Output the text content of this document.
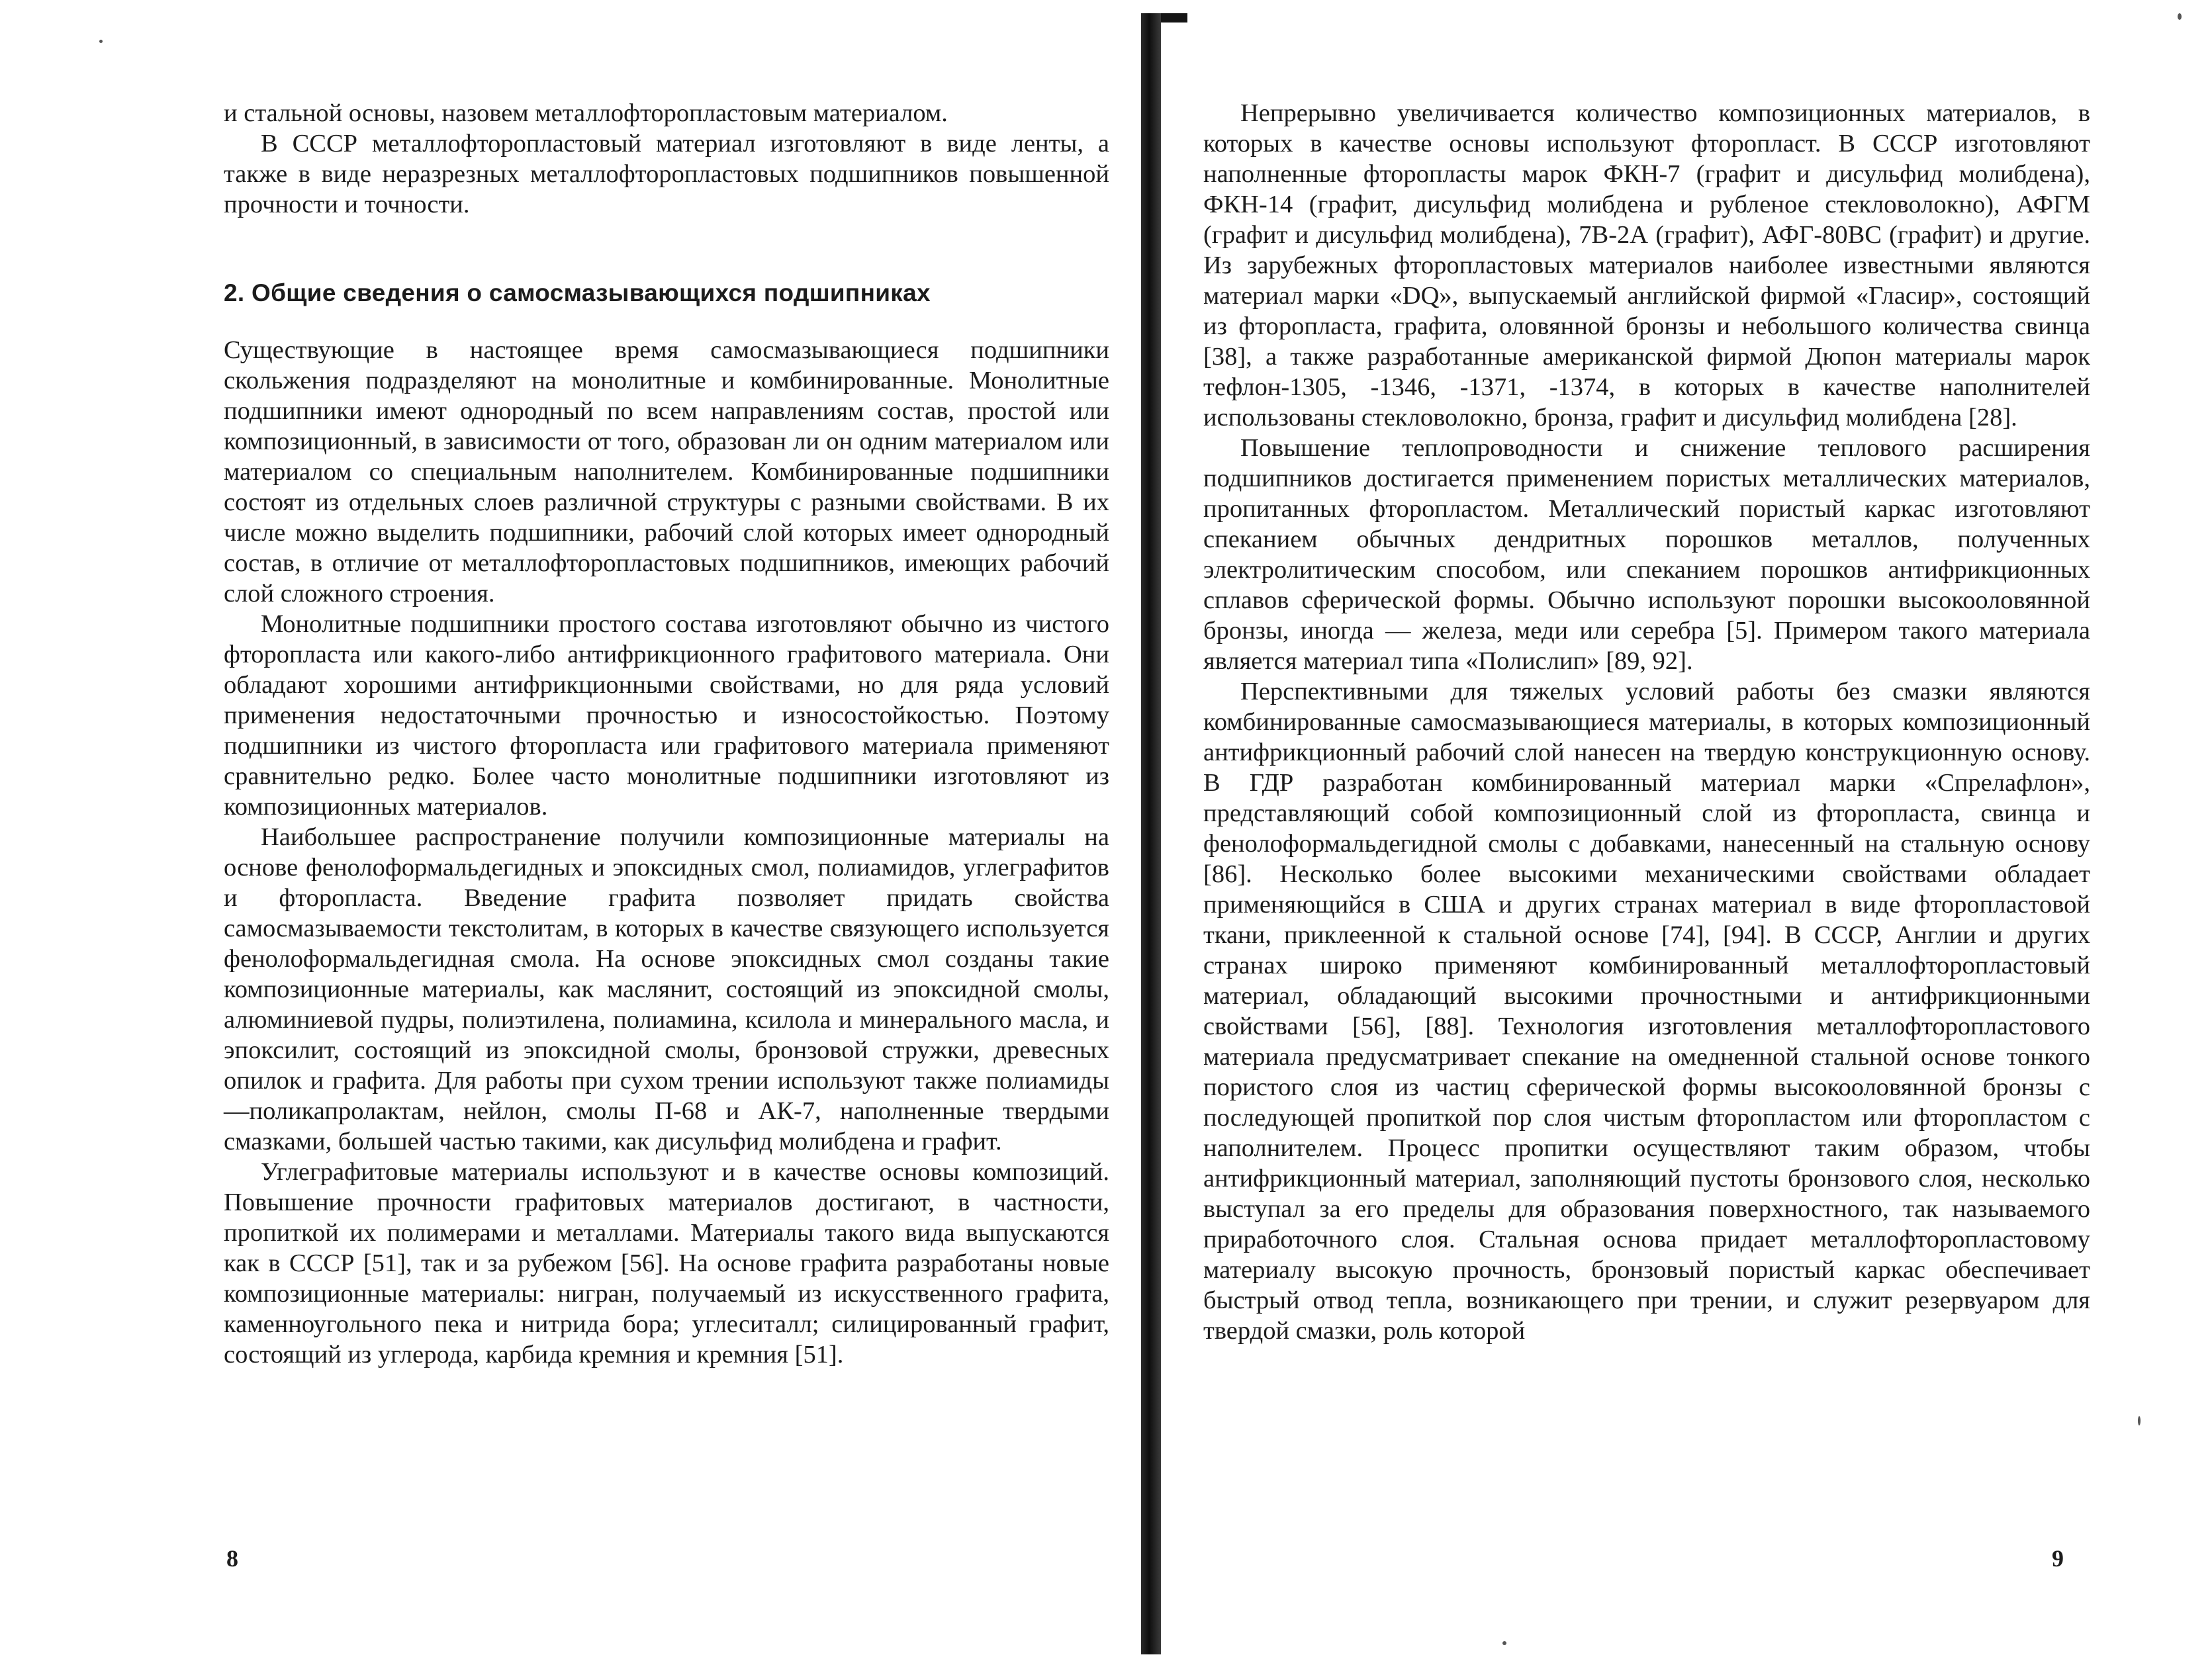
и стальной основы, назовем металлофторопластовым материалом.

В СССР металлофторопластовый материал изготовляют в виде ленты, а также в виде неразрезных металлофторопластовых подшипников повышенной прочности и точности.

2. Общие сведения о самосмазывающихся подшипниках

Существующие в настоящее время самосмазывающиеся подшипники скольжения подразделяют на монолитные и комбинированные. Монолитные подшипники имеют однородный по всем направлениям состав, простой или композиционный, в зависимости от того, образован ли он одним материалом или материалом со специальным наполнителем. Комбинированные подшипники состоят из отдельных слоев различной структуры с разными свойствами. В их числе можно выделить подшипники, рабочий слой которых имеет однородный состав, в отличие от металлофторопластовых подшипников, имеющих рабочий слой сложного строения.

Монолитные подшипники простого состава изготовляют обычно из чистого фторопласта или какого-либо антифрикционного графитового материала. Они обладают хорошими антифрикционными свойствами, но для ряда условий применения недостаточными прочностью и износостойкостью. Поэтому подшипники из чистого фторопласта или графитового материала применяют сравнительно редко. Более часто монолитные подшипники изготовляют из композиционных материалов.

Наибольшее распространение получили композиционные материалы на основе фенолоформальдегидных и эпоксидных смол, полиамидов, углеграфитов и фторопласта. Введение графита позволяет придать свойства самосмазываемости текстолитам, в которых в качестве связующего используется фенолоформальдегидная смола. На основе эпоксидных смол созданы такие композиционные материалы, как маслянит, состоящий из эпоксидной смолы, алюминиевой пудры, полиэтилена, полиамина, ксилола и минерального масла, и эпоксилит, состоящий из эпоксидной смолы, бронзовой стружки, древесных опилок и графита. Для работы при сухом трении используют также полиамиды—поликапролактам, нейлон, смолы П-68 и АК-7, наполненные твердыми смазками, большей частью такими, как дисульфид молибдена и графит.

Углеграфитовые материалы используют и в качестве основы композиций. Повышение прочности графитовых материалов достигают, в частности, пропиткой их полимерами и металлами. Материалы такого вида выпускаются как в СССР [51], так и за рубежом [56]. На основе графита разработаны новые композиционные материалы: нигран, получаемый из искусственного графита, каменноугольного пека и нитрида бора; углеситалл; силицированный графит, состоящий из углерода, карбида кремния и кремния [51].

8

Непрерывно увеличивается количество композиционных материалов, в которых в качестве основы используют фторопласт. В СССР изготовляют наполненные фторопласты марок ФКН-7 (графит и дисульфид молибдена), ФКН-14 (графит, дисульфид молибдена и рубленое стекловолокно), АФГМ (графит и дисульфид молибдена), 7В-2А (графит), АФГ-80ВС (графит) и другие. Из зарубежных фторопластовых материалов наиболее известными являются материал марки «DQ», выпускаемый английской фирмой «Гласир», состоящий из фторопласта, графита, оловянной бронзы и небольшого количества свинца [38], а также разработанные американской фирмой Дюпон материалы марок тефлон-1305, -1346, -1371, -1374, в которых в качестве наполнителей использованы стекловолокно, бронза, графит и дисульфид молибдена [28].

Повышение теплопроводности и снижение теплового расширения подшипников достигается применением пористых металлических материалов, пропитанных фторопластом. Металлический пористый каркас изготовляют спеканием обычных дендритных порошков металлов, полученных электролитическим способом, или спеканием порошков антифрикционных сплавов сферической формы. Обычно используют порошки высокооловянной бронзы, иногда — железа, меди или серебра [5]. Примером такого материала является материал типа «Полислип» [89, 92].

Перспективными для тяжелых условий работы без смазки являются комбинированные самосмазывающиеся материалы, в которых композиционный антифрикционный рабочий слой нанесен на твердую конструкционную основу. В ГДР разработан комбинированный материал марки «Спрелафлон», представляющий собой композиционный слой из фторопласта, свинца и фенолоформальдегидной смолы с добавками, нанесенный на стальную основу [86]. Несколько более высокими механическими свойствами обладает применяющийся в США и других странах материал в виде фторопластовой ткани, приклеенной к стальной основе [74], [94]. В СССР, Англии и других странах широко применяют комбинированный металлофторопластовый материал, обладающий высокими прочностными и антифрикционными свойствами [56], [88]. Технология изготовления металлофторопластового материала предусматривает спекание на омедненной стальной основе тонкого пористого слоя из частиц сферической формы высокооловянной бронзы с последующей пропиткой пор слоя чистым фторопластом или фторопластом с наполнителем. Процесс пропитки осуществляют таким образом, чтобы антифрикционный материал, заполняющий пустоты бронзового слоя, несколько выступал за его пределы для образования поверхностного, так называемого приработочного слоя. Стальная основа придает металлофторопластовому материалу высокую прочность, бронзовый пористый каркас обеспечивает быстрый отвод тепла, возникающего при трении, и служит резервуаром для твердой смазки, роль которой

9
